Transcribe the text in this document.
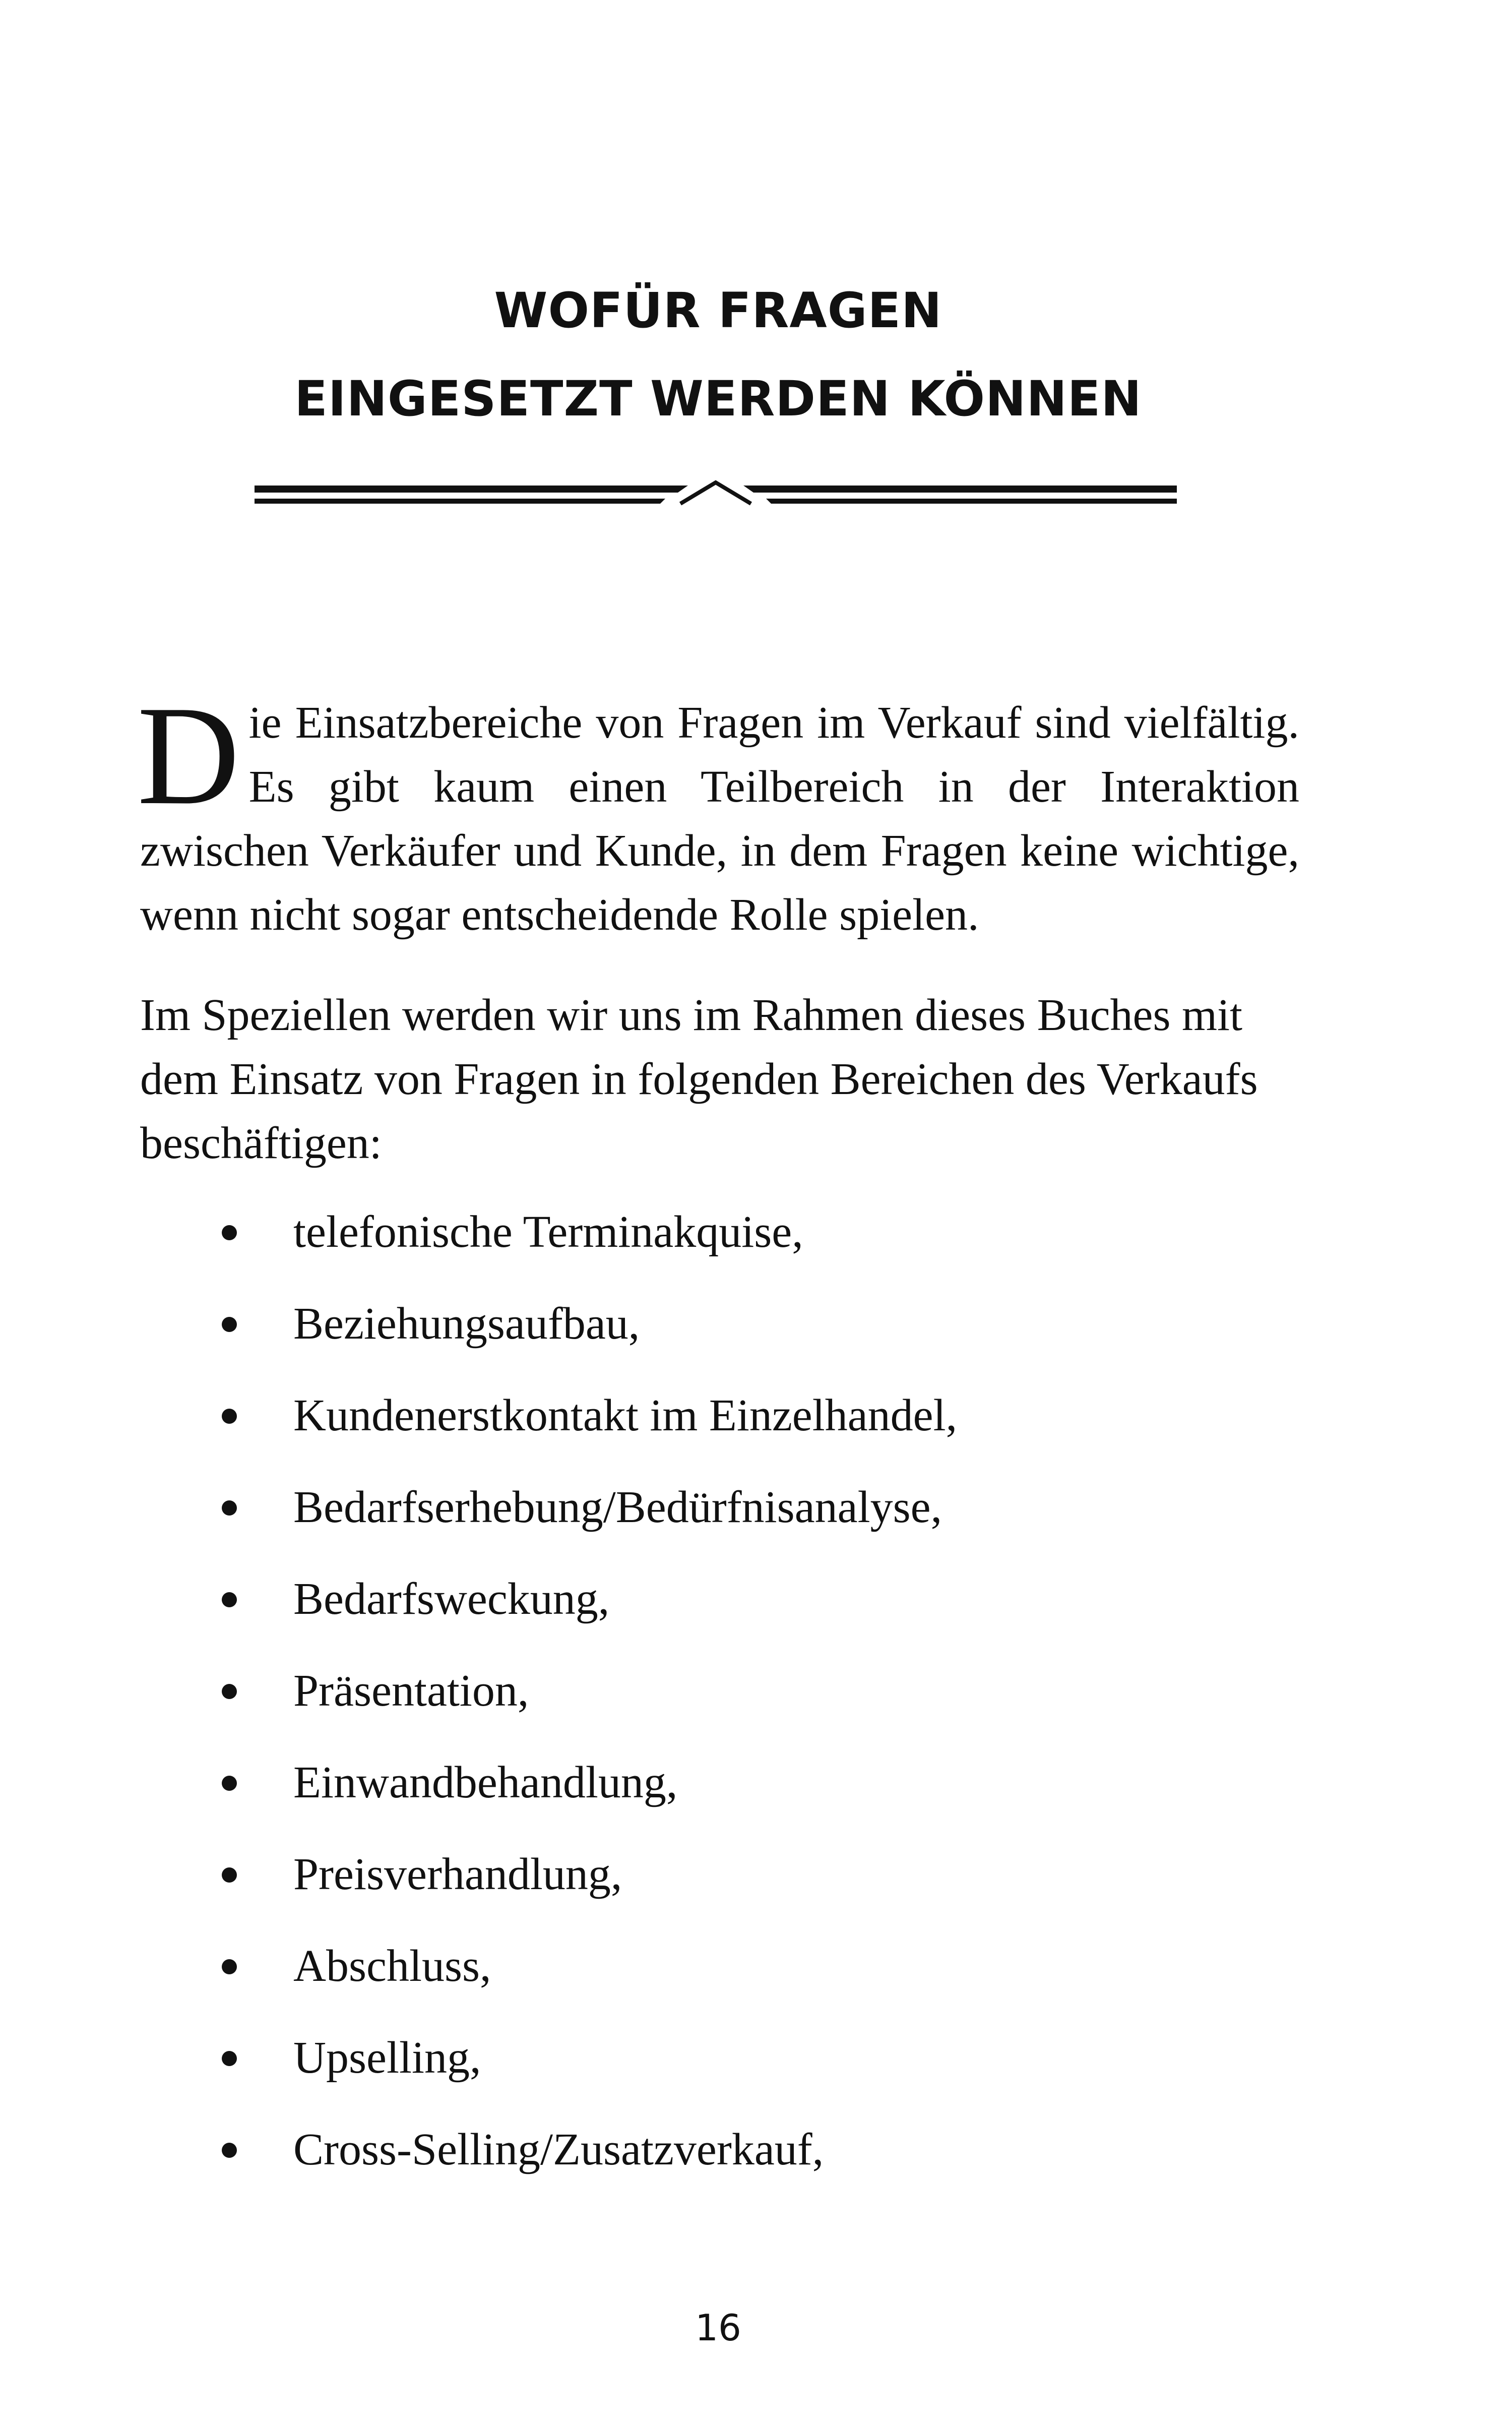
WOFÜR FRAGEN
EINGESETZT WERDEN KÖNNEN

Die Einsatzbereiche von Fragen im Verkauf sind vielfältig. Es gibt kaum einen Teilbereich in der Interaktion zwischen Verkäufer und Kunde, in dem Fragen keine wichtige, wenn nicht sogar entscheidende Rolle spielen.

Im Speziellen werden wir uns im Rahmen dieses Buches mit dem Einsatz von Fragen in folgenden Bereichen des Verkaufs beschäftigen:

telefonische Terminakquise,
Beziehungsaufbau,
Kundenerstkontakt im Einzelhandel,
Bedarfserhebung/Bedürfnisanalyse,
Bedarfsweckung,
Präsentation,
Einwandbehandlung,
Preisverhandlung,
Abschluss,
Upselling,
Cross-Selling/Zusatzverkauf,
16
